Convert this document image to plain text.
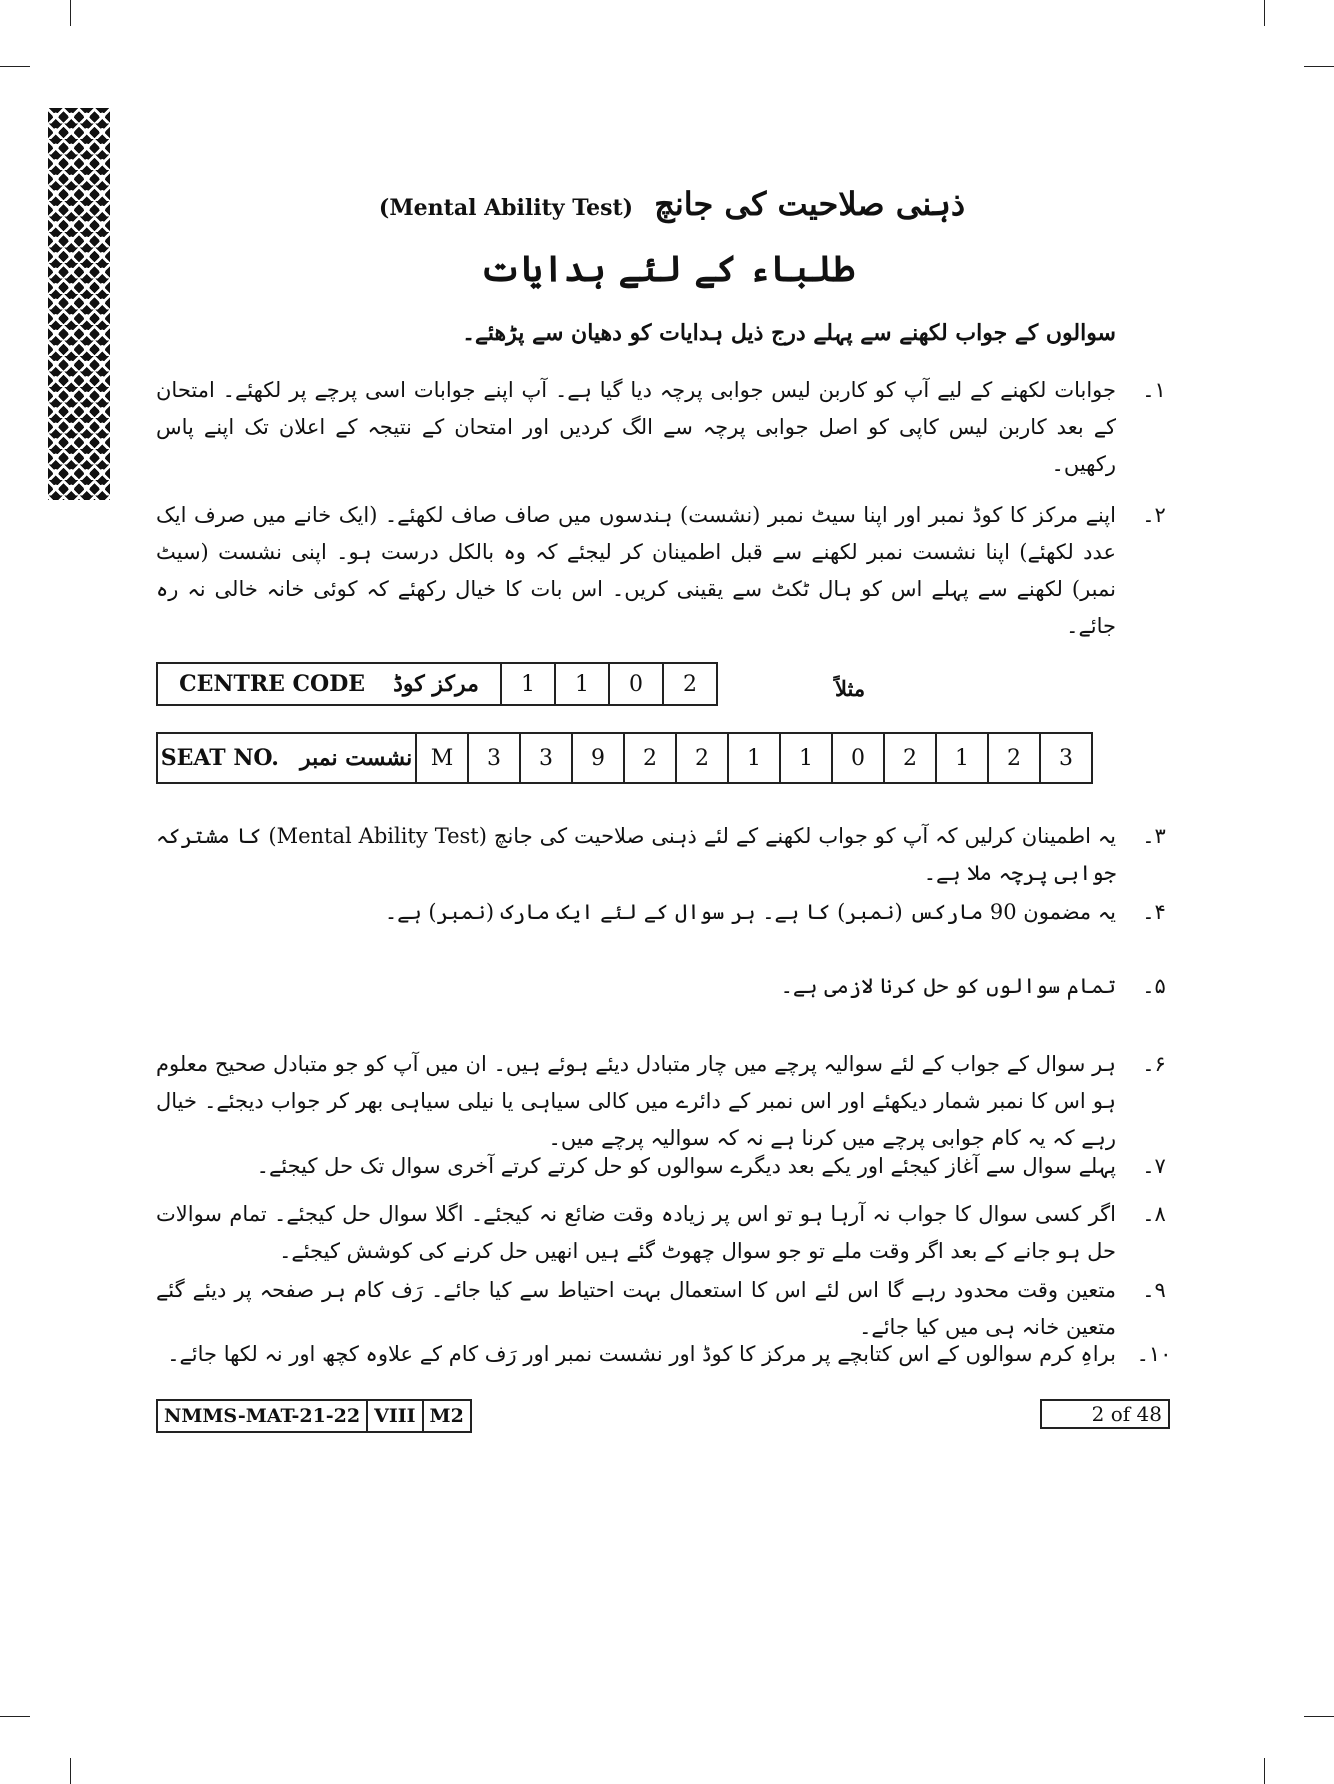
ذہنی صلاحیت کی جانچ (Mental Ability Test)
طلباء کے لئے ہدایات
سوالوں کے جواب لکھنے سے پہلے درج ذیل ہدایات کو دھیان سے پڑھئے۔
۱۔
جوابات لکھنے کے لیے آپ کو کاربن لیس جوابی پرچہ دیا گیا ہے۔ آپ اپنے جوابات اسی پرچے پر لکھئے۔ امتحان کے بعد کاربن لیس کاپی کو اصل جوابی پرچہ سے الگ کردیں اور امتحان کے نتیجہ کے اعلان تک اپنے پاس رکھیں۔
۲۔
اپنے مرکز کا کوڈ نمبر اور اپنا سیٹ نمبر (نشست) ہندسوں میں صاف صاف لکھئے۔ (ایک خانے میں صرف ایک عدد لکھئے) اپنا نشست نمبر لکھنے سے قبل اطمینان کر لیجئے کہ وہ بالکل درست ہو۔ اپنی نشست (سیٹ نمبر) لکھنے سے پہلے اس کو ہال ٹکٹ سے یقینی کریں۔ اس بات کا خیال رکھئے کہ کوئی خانہ خالی نہ رہ جائے۔
CENTRE CODE مرکز کوڈ	1	1	0	2	مثلاً
SEAT NO. نشست نمبر	M	3	3	9	2	2	1	1	0	2	1	2	3
۳۔
یہ اطمینان کرلیں کہ آپ کو جواب لکھنے کے لئے ذہنی صلاحیت کی جانچ (Mental Ability Test) کا مشترکہ جوابی پرچہ ملا ہے۔
۴۔
یہ مضمون 90 مارکس (نمبر) کا ہے۔ ہر سوال کے لئے ایک مارک (نمبر) ہے۔
۵۔
تمام سوالوں کو حل کرنا لازمی ہے۔
۶۔
ہر سوال کے جواب کے لئے سوالیہ پرچے میں چار متبادل دیئے ہوئے ہیں۔ ان میں آپ کو جو متبادل صحیح معلوم ہو اس کا نمبر شمار دیکھئے اور اس نمبر کے دائرے میں کالی سیاہی یا نیلی سیاہی بھر کر جواب دیجئے۔ خیال رہے کہ یہ کام جوابی پرچے میں کرنا ہے نہ کہ سوالیہ پرچے میں۔
۷۔
پہلے سوال سے آغاز کیجئے اور یکے بعد دیگرے سوالوں کو حل کرتے کرتے آخری سوال تک حل کیجئے۔
۸۔
اگر کسی سوال کا جواب نہ آرہا ہو تو اس پر زیادہ وقت ضائع نہ کیجئے۔ اگلا سوال حل کیجئے۔ تمام سوالات حل ہو جانے کے بعد اگر وقت ملے تو جو سوال چھوٹ گئے ہیں انھیں حل کرنے کی کوشش کیجئے۔
۹۔
متعین وقت محدود رہے گا اس لئے اس کا استعمال بہت احتیاط سے کیا جائے۔ رَف کام ہر صفحہ پر دیئے گئے متعین خانہ ہی میں کیا جائے۔
۱۰۔
براہِ کرم سوالوں کے اس کتابچے پر مرکز کا کوڈ اور نشست نمبر اور رَف کام کے علاوہ کچھ اور نہ لکھا جائے۔
NMMS-MAT-21-22 VIII M2	2 of 48
